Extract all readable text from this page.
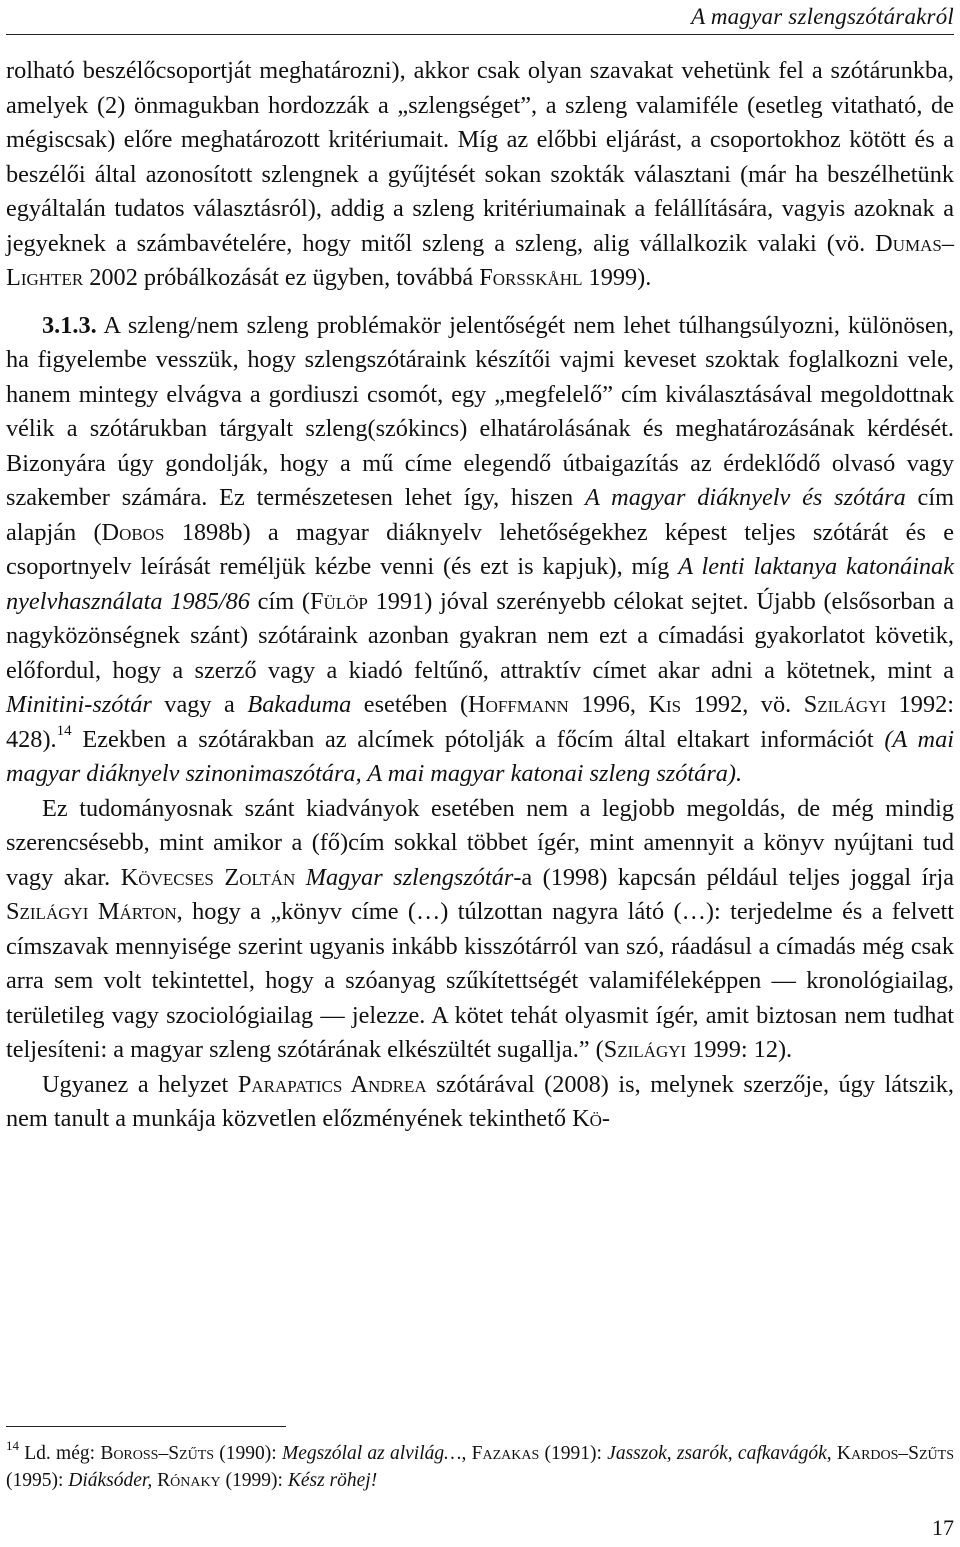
A magyar szlengszótárakról

rolható beszélőcsoportját meghatározni), akkor csak olyan szavakat vehetünk fel a szótárunkba, amelyek (2) önmagukban hordozzák a „szlengséget”, a szleng valamiféle (esetleg vitatható, de mégiscsak) előre meghatározott kritériumait. Míg az előbbi eljárást, a csoportokhoz kötött és a beszélői által azonosított szlengnek a gyűjtését sokan szokták választani (már ha beszélhetünk egyáltalán tudatos választásról), addig a szleng kritériumainak a felállítására, vagyis azoknak a jegyeknek a számbavételére, hogy mitől szleng a szleng, alig vállalkozik valaki (vö. Dumas–Lighter 2002 próbálkozását ez ügyben, továbbá Forsskåhl 1999).

3.1.3. A szleng/nem szleng problémakör jelentőségét nem lehet túlhangsúlyozni, különösen, ha figyelembe vesszük, hogy szlengszótáraink készítői vajmi keveset szoktak foglalkozni vele, hanem mintegy elvágva a gordiuszi csomót, egy „megfelelő” cím kiválasztásával megoldottnak vélik a szótárukban tárgyalt szleng(szókincs) elhatárolásának és meghatározásának kérdését. Bizonyára úgy gondolják, hogy a mű címe elegendő útbaigazítás az érdeklődő olvasó vagy szakember számára. Ez természetesen lehet így, hiszen A magyar diáknyelv és szótára cím alapján (Dobos 1898b) a magyar diáknyelv lehetőségekhez képest teljes szótárát és e csoportnyelv leírását reméljük kézbe venni (és ezt is kapjuk), míg A lenti laktanya katonáinak nyelvhasználata 1985/86 cím (Fülöp 1991) jóval szerényebb célokat sejtet. Újabb (elsősorban a nagyközönségnek szánt) szótáraink azonban gyakran nem ezt a címadási gyakorlatot követik, előfordul, hogy a szerző vagy a kiadó feltűnő, attraktív címet akar adni a kötetnek, mint a Minitini-szótár vagy a Bakaduma esetében (Hoffmann 1996, Kis 1992, vö. Szilágyi 1992: 428).$^{14}$ Ezekben a szótárakban az alcímek pótolják a főcím által eltakart információt (A mai magyar diáknyelv szinonimaszótára, A mai magyar katonai szleng szótára).

Ez tudományosnak szánt kiadványok esetében nem a legjobb megoldás, de még mindig szerencsésebb, mint amikor a (fő)cím sokkal többet ígér, mint amennyit a könyv nyújtani tud vagy akar. Kövecses Zoltán Magyar szlengszótár-a (1998) kapcsán például teljes joggal írja Szilágyi Márton, hogy a „könyv címe (…) túlzottan nagyra látó (…): terjedelme és a felvett címszavak mennyisége szerint ugyanis inkább kisszótárról van szó, ráadásul a címadás még csak arra sem volt tekintettel, hogy a szóanyag szűkítettségét valamiféleképpen — kronológiailag, területileg vagy szociológiailag — jelezze. A kötet tehát olyasmit ígér, amit biztosan nem tudhat teljesíteni: a magyar szleng szótárának elkészültét sugallja.” (Szilágyi 1999: 12).

Ugyanez a helyzet Parapatics Andrea szótárával (2008) is, melynek szerzője, úgy látszik, nem tanult a munkája közvetlen előzményének tekinthető Kö-

$^{14}$ Ld. még: Boross–Szűts (1990): Megszólal az alvilág…, Fazakas (1991): Jasszok, zsarók, cafkavágók, Kardos–Szűts (1995): Diáksóder, Rónaky (1999): Kész röhej!
17
